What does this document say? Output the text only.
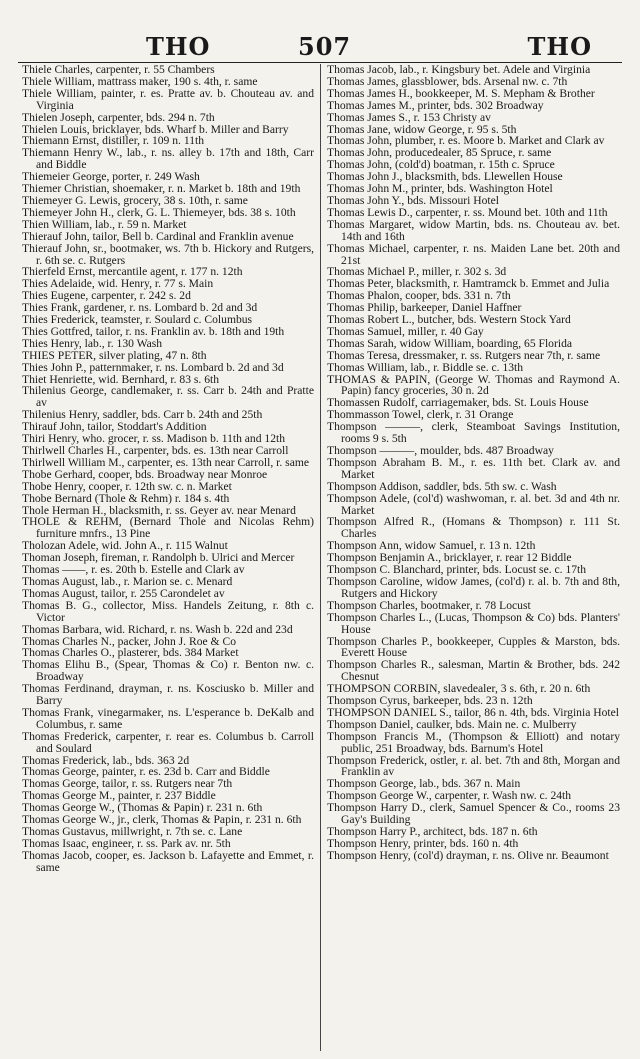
THO	507	THO
Thiele Charles, carpenter, r. 55 Chambers
Thiele William, mattrass maker, 190 s. 4th, r. same
Thiele William, painter, r. es. Pratte av. b. Chouteau av. and Virginia
Thielen Joseph, carpenter, bds. 294 n. 7th
Thielen Louis, bricklayer, bds. Wharf b. Miller and Barry
Thiemann Ernst, distiller, r. 109 n. 11th
Thiemann Henry W., lab., r. ns. alley b. 17th and 18th, Carr and Biddle
Thiemeier George, porter, r. 249 Wash
Thiemer Christian, shoemaker, r. n. Market b. 18th and 19th
Thiemeyer G. Lewis, grocery, 38 s. 10th, r. same
Thiemeyer John H., clerk, G. L. Thiemeyer, bds. 38 s. 10th
Thien William, lab., r. 59 n. Market
Thierauf John, tailor, Bell b. Cardinal and Franklin avenue
Thierauf John, sr., bootmaker, ws. 7th b. Hickory and Rutgers, r. 6th se. c. Rutgers
Thierfeld Ernst, mercantile agent, r. 177 n. 12th
Thies Adelaide, wid. Henry, r. 77 s. Main
Thies Eugene, carpenter, r. 242 s. 2d
Thies Frank, gardener, r. ns. Lombard b. 2d and 3d
Thies Frederick, teamster, r. Soulard c. Columbus
Thies Gottfred, tailor, r. ns. Franklin av. b. 18th and 19th
Thies Henry, lab., r. 130 Wash
THIES PETER, silver plating, 47 n. 8th
Thies John P., patternmaker, r. ns. Lombard b. 2d and 3d
Thiet Henriette, wid. Bernhard, r. 83 s. 6th
Thilenius George, candlemaker, r. ss. Carr b. 24th and Pratte av
Thilenius Henry, saddler, bds. Carr b. 24th and 25th
Thirauf John, tailor, Stoddart's Addition
Thiri Henry, who. grocer, r. ss. Madison b. 11th and 12th
Thirlwell Charles H., carpenter, bds. es. 13th near Carroll
Thirlwell William M., carpenter, es. 13th near Carroll, r. same
Thobe Gerhard, cooper, bds. Broadway near Monroe
Thobe Henry, cooper, r. 12th sw. c. n. Market
Thobe Bernard (Thole & Rehm) r. 184 s. 4th
Thole Herman H., blacksmith, r. ss. Geyer av. near Menard
THOLE & REHM, (Bernard Thole and Nicolas Rehm) furniture mnfrs., 13 Pine
Tholozan Adele, wid. John A., r. 115 Walnut
Thoman Joseph, fireman, r. Randolph b. Ulrici and Mercer
Thomas ——, r. es. 20th b. Estelle and Clark av
Thomas August, lab., r. Marion se. c. Menard
Thomas August, tailor, r. 255 Carondelet av
Thomas B. G., collector, Miss. Handels Zeitung, r. 8th c. Victor
Thomas Barbara, wid. Richard, r. ns. Wash b. 22d and 23d
Thomas Charles N., packer, John J. Roe & Co
Thomas Charles O., plasterer, bds. 384 Market
Thomas Elihu B., (Spear, Thomas & Co) r. Benton nw. c. Broadway
Thomas Ferdinand, drayman, r. ns. Kosciusko b. Miller and Barry
Thomas Frank, vinegarmaker, ns. L'esperance b. DeKalb and Columbus, r. same
Thomas Frederick, carpenter, r. rear es. Columbus b. Carroll and Soulard
Thomas Frederick, lab., bds. 363 2d
Thomas George, painter, r. es. 23d b. Carr and Biddle
Thomas George, tailor, r. ss. Rutgers near 7th
Thomas George M., painter, r. 237 Biddle
Thomas George W., (Thomas & Papin) r. 231 n. 6th
Thomas George W., jr., clerk, Thomas & Papin, r. 231 n. 6th
Thomas Gustavus, millwright, r. 7th se. c. Lane
Thomas Isaac, engineer, r. ss. Park av. nr. 5th
Thomas Jacob, cooper, es. Jackson b. Lafayette and Emmet, r. same
Thomas Jacob, lab., r. Kingsbury bet. Adele and Virginia
Thomas James, glassblower, bds. Arsenal nw. c. 7th
Thomas James H., bookkeeper, M. S. Mepham & Brother
Thomas James M., printer, bds. 302 Broadway
Thomas James S., r. 153 Christy av
Thomas Jane, widow George, r. 95 s. 5th
Thomas John, plumber, r. es. Moore b. Market and Clark av
Thomas John, producedealer, 85 Spruce, r. same
Thomas John, (cold'd) boatman, r. 15th c. Spruce
Thomas John J., blacksmith, bds. Llewellen House
Thomas John M., printer, bds. Washington Hotel
Thomas John Y., bds. Missouri Hotel
Thomas Lewis D., carpenter, r. ss. Mound bet. 10th and 11th
Thomas Margaret, widow Martin, bds. ns. Chouteau av. bet. 14th and 16th
Thomas Michael, carpenter, r. ns. Maiden Lane bet. 20th and 21st
Thomas Michael P., miller, r. 302 s. 3d
Thomas Peter, blacksmith, r. Hamtramck b. Emmet and Julia
Thomas Phalon, cooper, bds. 331 n. 7th
Thomas Philip, barkeeper, Daniel Haffner
Thomas Robert L., butcher, bds. Western Stock Yard
Thomas Samuel, miller, r. 40 Gay
Thomas Sarah, widow William, boarding, 65 Florida
Thomas Teresa, dressmaker, r. ss. Rutgers near 7th, r. same
Thomas William, lab., r. Biddle se. c. 13th
THOMAS & PAPIN, (George W. Thomas and Raymond A. Papin) fancy groceries, 30 n. 2d
Thomassen Rudolf, carriagemaker, bds. St. Louis House
Thommasson Towel, clerk, r. 31 Orange
Thompson ———, clerk, Steamboat Savings Institution, rooms 9 s. 5th
Thompson ———, moulder, bds. 487 Broadway
Thompson Abraham B. M., r. es. 11th bet. Clark av. and Market
Thompson Addison, saddler, bds. 5th sw. c. Wash
Thompson Adele, (col'd) washwoman, r. al. bet. 3d and 4th nr. Market
Thompson Alfred R., (Homans & Thompson) r. 111 St. Charles
Thompson Ann, widow Samuel, r. 13 n. 12th
Thompson Benjamin A., bricklayer, r. rear 12 Biddle
Thompson C. Blanchard, printer, bds. Locust se. c. 17th
Thompson Caroline, widow James, (col'd) r. al. b. 7th and 8th, Rutgers and Hickory
Thompson Charles, bootmaker, r. 78 Locust
Thompson Charles L., (Lucas, Thompson & Co) bds. Planters' House
Thompson Charles P., bookkeeper, Cupples & Marston, bds. Everett House
Thompson Charles R., salesman, Martin & Brother, bds. 242 Chesnut
THOMPSON CORBIN, slavedealer, 3 s. 6th, r. 20 n. 6th
Thompson Cyrus, barkeeper, bds. 23 n. 12th
THOMPSON DANIEL S., tailor, 86 n. 4th, bds. Virginia Hotel
Thompson Daniel, caulker, bds. Main ne. c. Mulberry
Thompson Francis M., (Thompson & Elliott) and notary public, 251 Broadway, bds. Barnum's Hotel
Thompson Frederick, ostler, r. al. bet. 7th and 8th, Morgan and Franklin av
Thompson George, lab., bds. 367 n. Main
Thompson George W., carpenter, r. Wash nw. c. 24th
Thompson Harry D., clerk, Samuel Spencer & Co., rooms 23 Gay's Building
Thompson Harry P., architect, bds. 187 n. 6th
Thompson Henry, printer, bds. 160 n. 4th
Thompson Henry, (col'd) drayman, r. ns. Olive nr. Beaumont
